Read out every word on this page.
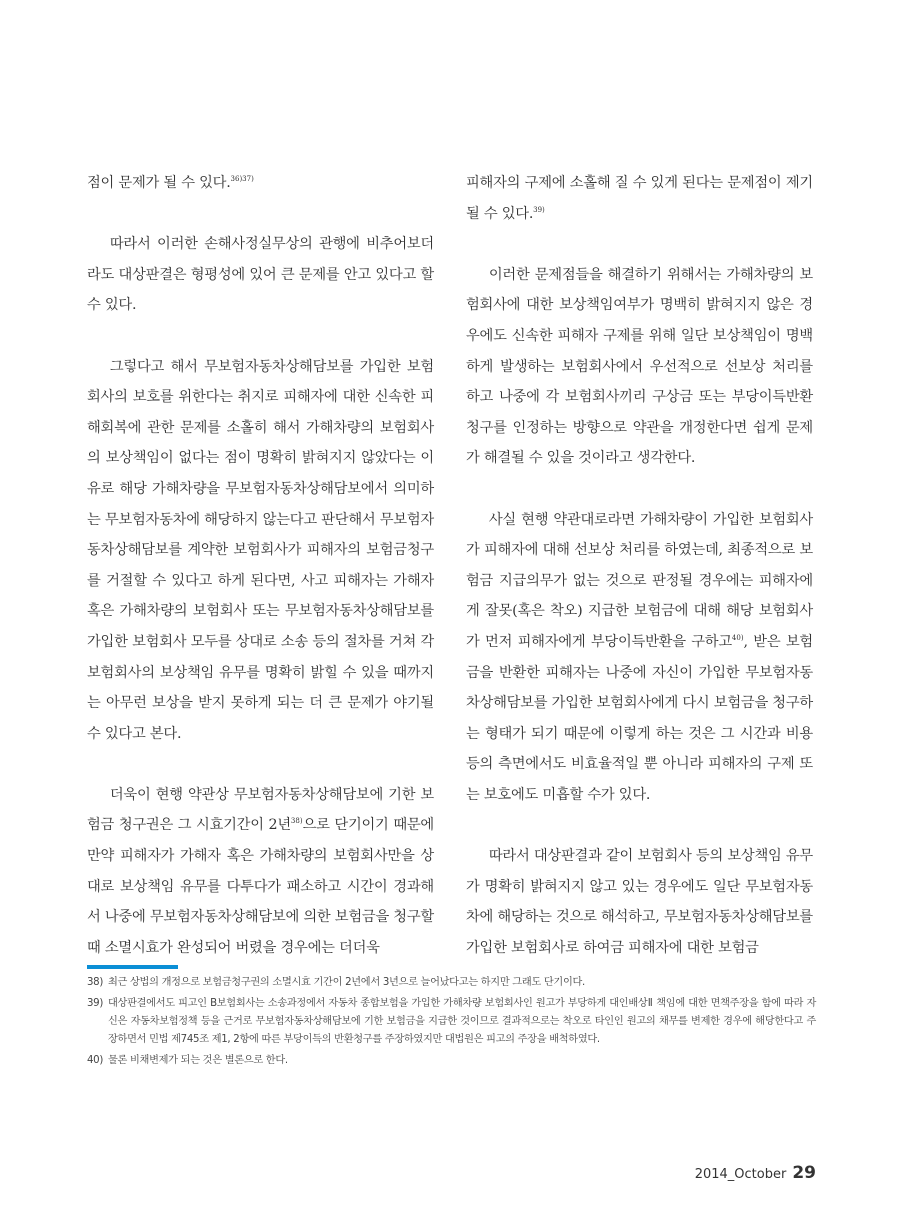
점이 문제가 될 수 있다.$^{36)37)}$

따라서 이러한 손해사정실무상의 관행에 비추어보더라도 대상판결은 형평성에 있어 큰 문제를 안고 있다고 할 수 있다.

그렇다고 해서 무보험자동차상해담보를 가입한 보험회사의 보호를 위한다는 취지로 피해자에 대한 신속한 피해회복에 관한 문제를 소홀히 해서 가해차량의 보험회사의 보상책임이 없다는 점이 명확히 밝혀지지 않았다는 이유로 해당 가해차량을 무보험자동차상해담보에서 의미하는 무보험자동차에 해당하지 않는다고 판단해서 무보험자동차상해담보를 계약한 보험회사가 피해자의 보험금청구를 거절할 수 있다고 하게 된다면, 사고 피해자는 가해자 혹은 가해차량의 보험회사 또는 무보험자동차상해담보를 가입한 보험회사 모두를 상대로 소송 등의 절차를 거쳐 각 보험회사의 보상책임 유무를 명확히 밝힐 수 있을 때까지는 아무런 보상을 받지 못하게 되는 더 큰 문제가 야기될 수 있다고 본다.

더욱이 현행 약관상 무보험자동차상해담보에 기한 보험금 청구권은 그 시효기간이 2년$^{38)}$으로 단기이기 때문에 만약 피해자가 가해자 혹은 가해차량의 보험회사만을 상대로 보상책임 유무를 다투다가 패소하고 시간이 경과해서 나중에 무보험자동차상해담보에 의한 보험금을 청구할 때 소멸시효가 완성되어 버렸을 경우에는 더더욱

피해자의 구제에 소홀해 질 수 있게 된다는 문제점이 제기될 수 있다.$^{39)}$

이러한 문제점들을 해결하기 위해서는 가해차량의 보험회사에 대한 보상책임여부가 명백히 밝혀지지 않은 경우에도 신속한 피해자 구제를 위해 일단 보상책임이 명백하게 발생하는 보험회사에서 우선적으로 선보상 처리를 하고 나중에 각 보험회사끼리 구상금 또는 부당이득반환청구를 인정하는 방향으로 약관을 개정한다면 쉽게 문제가 해결될 수 있을 것이라고 생각한다.

사실 현행 약관대로라면 가해차량이 가입한 보험회사가 피해자에 대해 선보상 처리를 하였는데, 최종적으로 보험금 지급의무가 없는 것으로 판정될 경우에는 피해자에게 잘못(혹은 착오) 지급한 보험금에 대해 해당 보험회사가 먼저 피해자에게 부당이득반환을 구하고$^{40)}$, 받은 보험금을 반환한 피해자는 나중에 자신이 가입한 무보험자동차상해담보를 가입한 보험회사에게 다시 보험금을 청구하는 형태가 되기 때문에 이렇게 하는 것은 그 시간과 비용 등의 측면에서도 비효율적일 뿐 아니라 피해자의 구제 또는 보호에도 미흡할 수가 있다.

따라서 대상판결과 같이 보험회사 등의 보상책임 유무가 명확히 밝혀지지 않고 있는 경우에도 일단 무보험자동차에 해당하는 것으로 해석하고, 무보험자동차상해담보를 가입한 보험회사로 하여금 피해자에 대한 보험금

38) 최근 상법의 개정으로 보험금청구권의 소멸시효 기간이 2년에서 3년으로 늘어났다고는 하지만 그래도 단기이다.
39) 대상판결에서도 피고인 B보험회사는 소송과정에서 자동차 종합보험을 가입한 가해차량 보험회사인 원고가 부당하게 대인배상Ⅱ 책임에 대한 면책주장을 함에 따라 자신은 자동차보험정책 등을 근거로 무보험자동차상해담보에 기한 보험금을 지급한 것이므로 결과적으로는 착오로 타인인 원고의 채무를 변제한 경우에 해당한다고 주장하면서 민법 제745조 제1, 2항에 따른 부당이득의 반환청구를 주장하였지만 대법원은 피고의 주장을 배척하였다.
40) 물론 비채변제가 되는 것은 별론으로 한다.
2014_October 29
